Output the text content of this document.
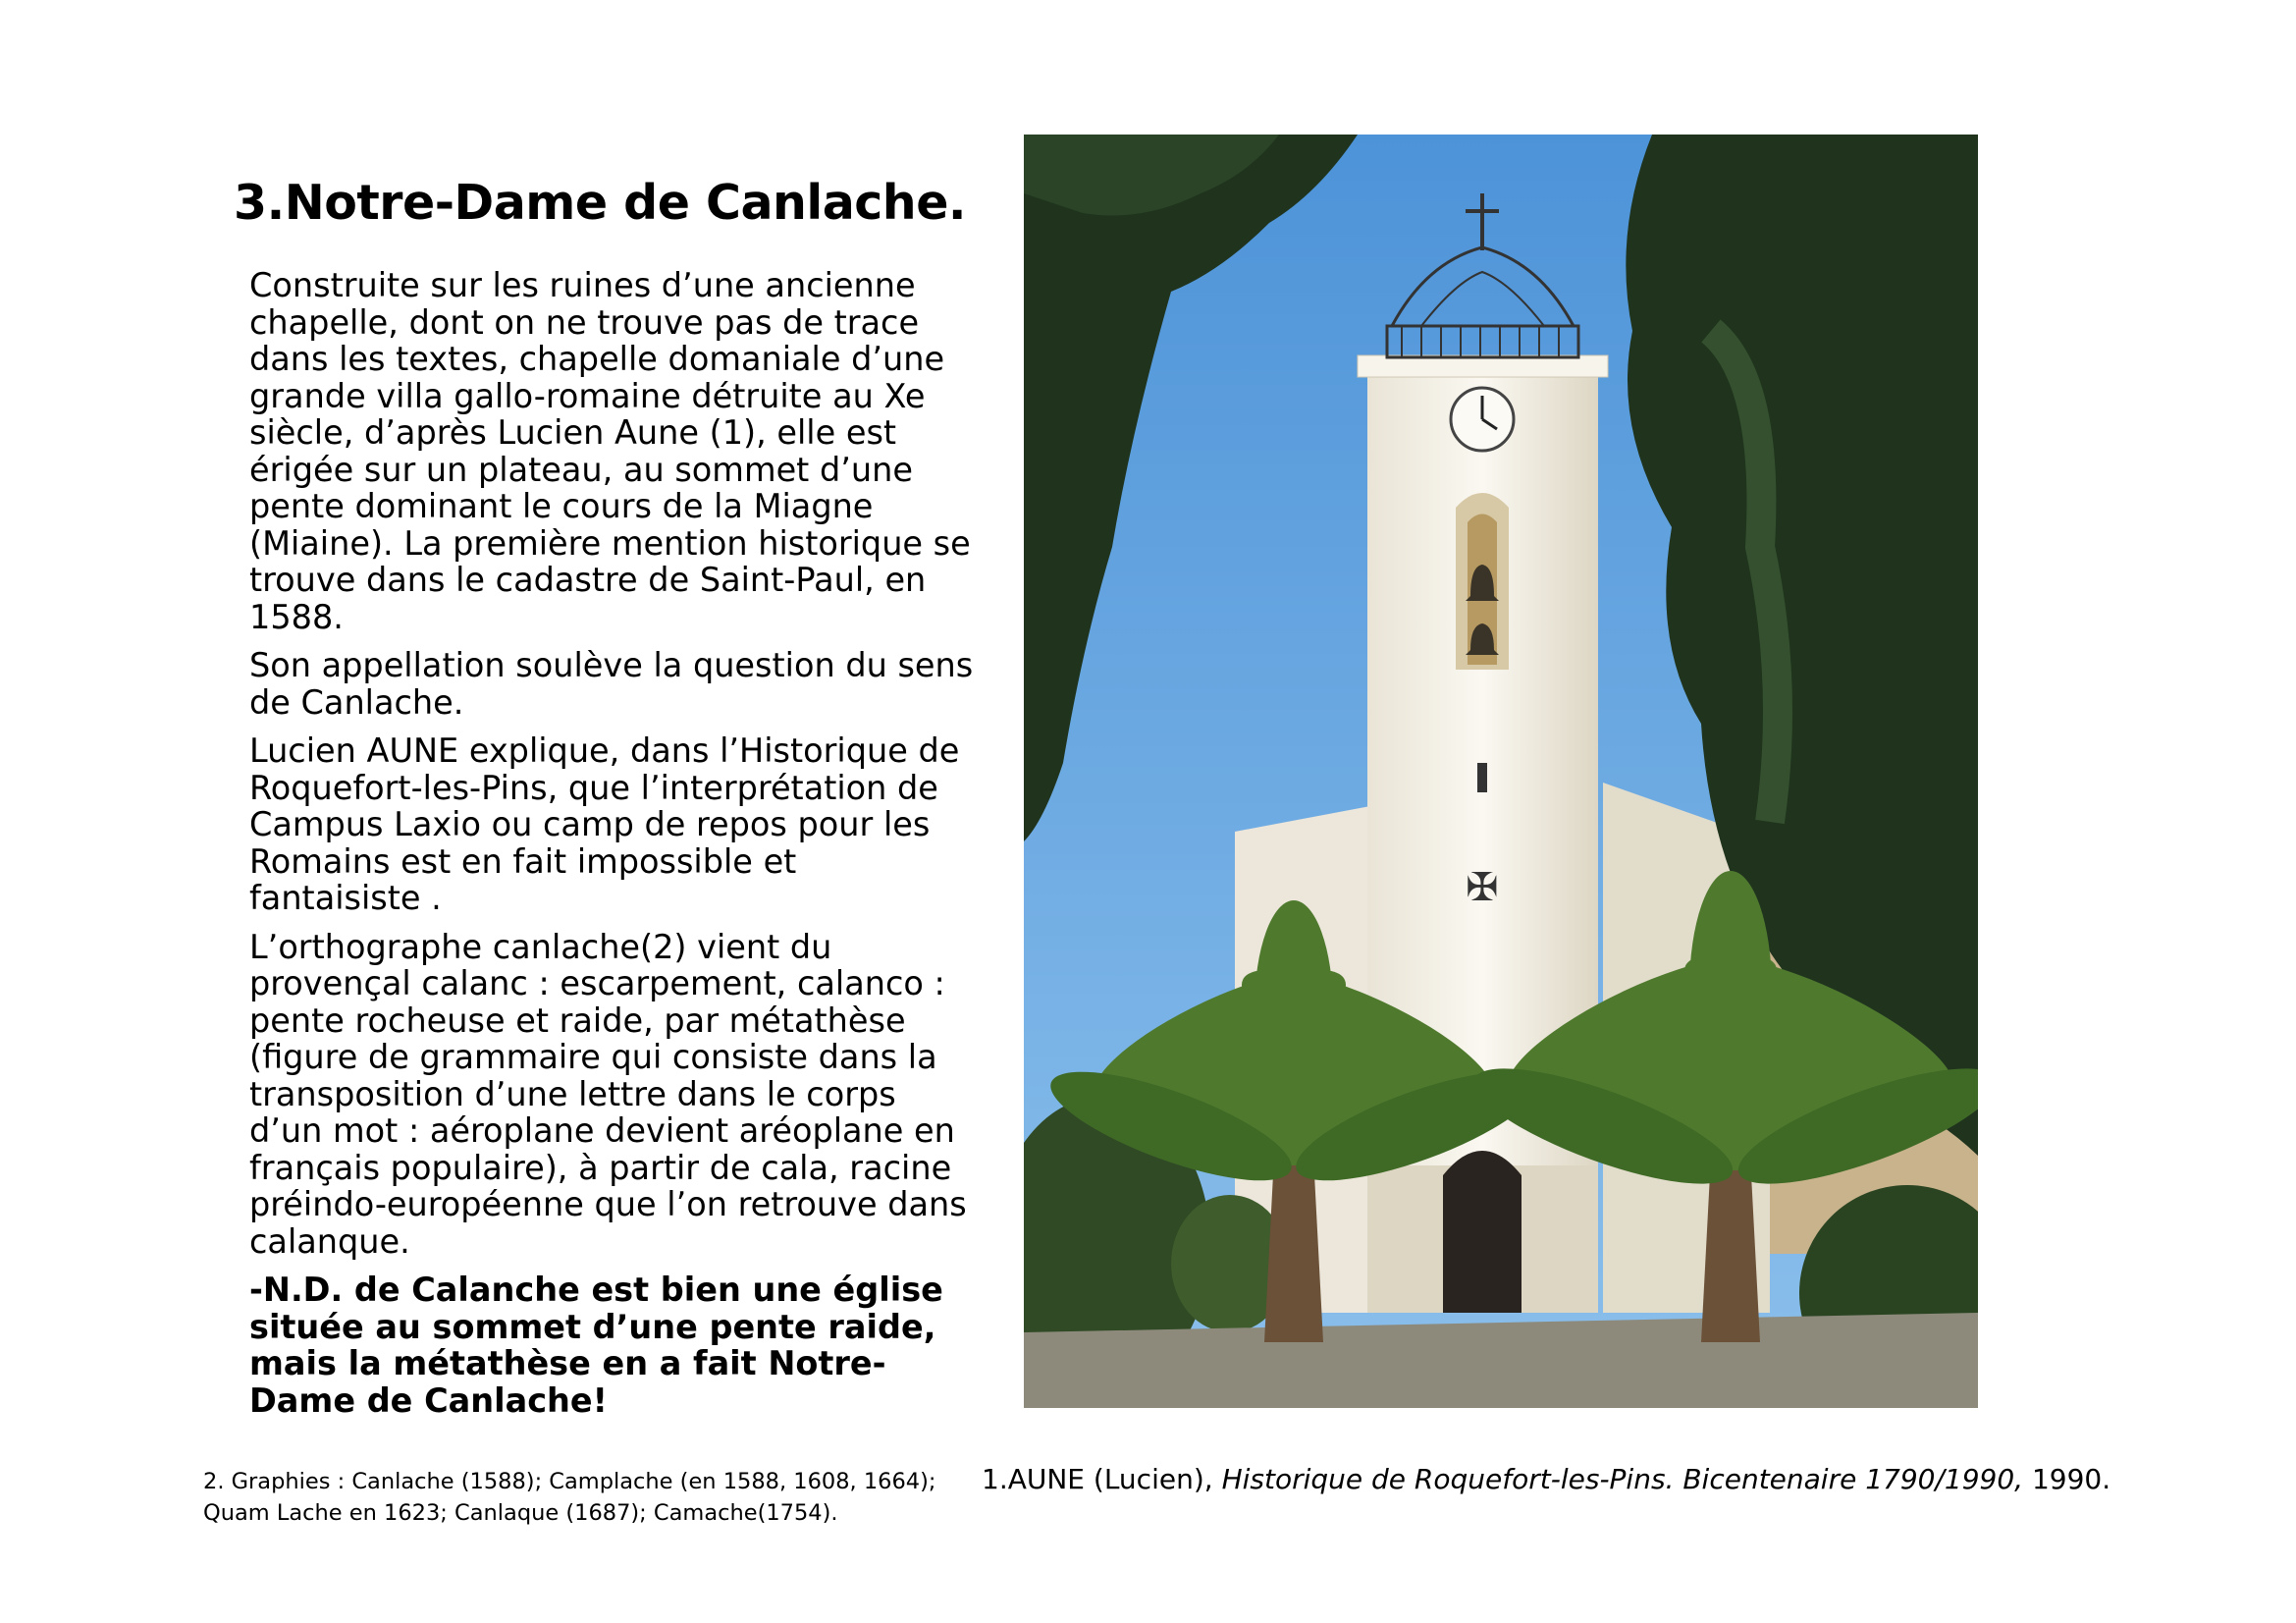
3.Notre-Dame de Canlache.

Construite sur les ruines d’une ancienne chapelle, dont on ne trouve pas de trace dans les textes, chapelle domaniale d’une grande villa gallo-romaine détruite au Xe siècle, d’après Lucien Aune (1), elle est érigée sur un plateau, au sommet d’une pente dominant le cours de la Miagne (Miaine). La première mention historique se trouve dans le cadastre de Saint-Paul, en 1588.

Son appellation soulève la question du sens de Canlache.

Lucien AUNE explique, dans l’Historique de Roquefort-les-Pins, que l’interprétation de Campus Laxio ou camp de repos pour les Romains est en fait impossible et fantaisiste .

L’orthographe canlache(2) vient du provençal calanc : escarpement, calanco : pente rocheuse et raide, par métathèse (figure de grammaire qui consiste dans la transposition d’une lettre dans le corps d’un mot : aéroplane devient aréoplane en français populaire), à partir de cala, racine préindo-européenne que l’on retrouve dans calanque.

-N.D. de Calanche est bien une église située au sommet d’une pente raide, mais la métathèse en a fait Notre-Dame de Canlache!

✠

2. Graphies : Canlache (1588); Camplache (en 1588, 1608, 1664);
Quam Lache en 1623; Canlaque (1687); Camache(1754).

1.AUNE (Lucien), Historique de Roquefort-les-Pins. Bicentenaire 1790/1990, 1990.
